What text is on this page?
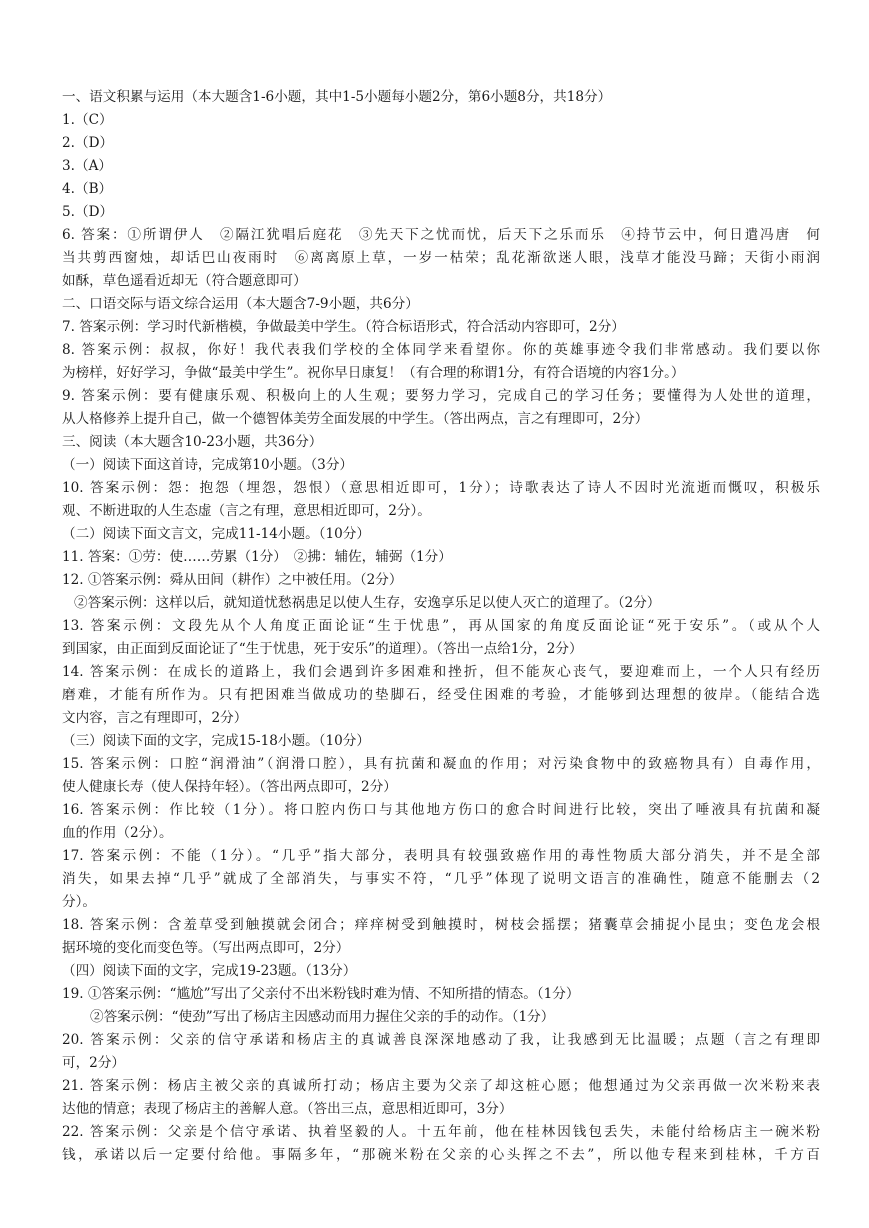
一、语文积累与运用（本大题含1-6小题，其中1-5小题每小题2分，第6小题8分，共18分）

1.（C）

2.（D）

3.（A）

4.（B）

5.（D）

6. 答案：①所谓伊人　②隔江犹唱后庭花　③先天下之忧而忧，后天下之乐而乐　④持节云中，何日遣冯唐　何

当共剪西窗烛，却话巴山夜雨时　⑥离离原上草，一岁一枯荣；乱花渐欲迷人眼，浅草才能没马蹄；天街小雨润

如酥，草色遥看近却无（符合题意即可）

二、口语交际与语文综合运用（本大题含7-9小题，共6分）

7. 答案示例：学习时代新楷模，争做最美中学生。（符合标语形式，符合活动内容即可，2分）

8. 答案示例：叔叔，你好！我代表我们学校的全体同学来看望你。你的英雄事迹令我们非常感动。我们要以你

为榜样，好好学习，争做“最美中学生”。祝你早日康复！（有合理的称谓1分，有符合语境的内容1分。）

9. 答案示例：要有健康乐观、积极向上的人生观；要努力学习，完成自己的学习任务；要懂得为人处世的道理，

从人格修养上提升自己，做一个德智体美劳全面发展的中学生。（答出两点，言之有理即可，2分）

三、阅读（本大题含10-23小题，共36分）

（一）阅读下面这首诗，完成第10小题。（3分）

10. 答案示例：怨：抱怨（埋怨，怨恨）（意思相近即可，1分）；诗歌表达了诗人不因时光流逝而慨叹，积极乐

观、不断进取的人生态虚（言之有理，意思相近即可，2分）。

（二）阅读下面文言文，完成11-14小题。（10分）

11. 答案：①劳：使……劳累（1分）　②拂：辅佐，辅弼（1分）

12. ①答案示例：舜从田间（耕作）之中被任用。（2分）

②答案示例：这样以后，就知道忧愁祸患足以使人生存，安逸享乐足以使人灭亡的道理了。（2分）

13. 答案示例：文段先从个人角度正面论证“生于忧患”，再从国家的角度反面论证“死于安乐”。（或从个人

到国家，由正面到反面论证了“生于忧患，死于安乐”的道理）。（答出一点给1分，2分）

14. 答案示例：在成长的道路上，我们会遇到许多困难和挫折，但不能灰心丧气，要迎难而上，一个人只有经历

磨难，才能有所作为。只有把困难当做成功的垫脚石，经受住困难的考验，才能够到达理想的彼岸。（能结合选

文内容，言之有理即可，2分）

（三）阅读下面的文字，完成15-18小题。（10分）

15. 答案示例：口腔“润滑油”（润滑口腔），具有抗菌和凝血的作用；对污染食物中的致癌物具有）自毒作用，

使人健康长寿（使人保持年轻）。（答出两点即可，2分）

16. 答案示例：作比较（1分）。将口腔内伤口与其他地方伤口的愈合时间进行比较，突出了唾液具有抗菌和凝

血的作用（2分）。

17. 答案示例：不能（1分）。“几乎”指大部分，表明具有较强致癌作用的毒性物质大部分消失，并不是全部

消失，如果去掉“几乎”就成了全部消失，与事实不符，“几乎”体现了说明文语言的准确性，随意不能删去（2

分）。

18. 答案示例：含羞草受到触摸就会闭合；痒痒树受到触摸时，树枝会摇摆；猪囊草会捕捉小昆虫；变色龙会根

据环境的变化而变色等。（写出两点即可，2分）

（四）阅读下面的文字，完成19-23题。（13分）

19. ①答案示例：“尴尬”写出了父亲付不出米粉钱时难为情、不知所措的情态。（1分）

②答案示例：“使劲”写出了杨店主因感动而用力握住父亲的手的动作。（1分）

20. 答案示例：父亲的信守承诺和杨店主的真诚善良深深地感动了我，让我感到无比温暖；点题（言之有理即

可，2分）

21. 答案示例：杨店主被父亲的真诚所打动；杨店主要为父亲了却这桩心愿；他想通过为父亲再做一次米粉来表

达他的情意；表现了杨店主的善解人意。（答出三点，意思相近即可，3分）

22. 答案示例：父亲是个信守承诺、执着坚毅的人。十五年前，他在桂林因钱包丢失，未能付给杨店主一碗米粉

钱，承诺以后一定要付给他。事隔多年，“那碗米粉在父亲的心头挥之不去”，所以他专程来到桂林，千方百
